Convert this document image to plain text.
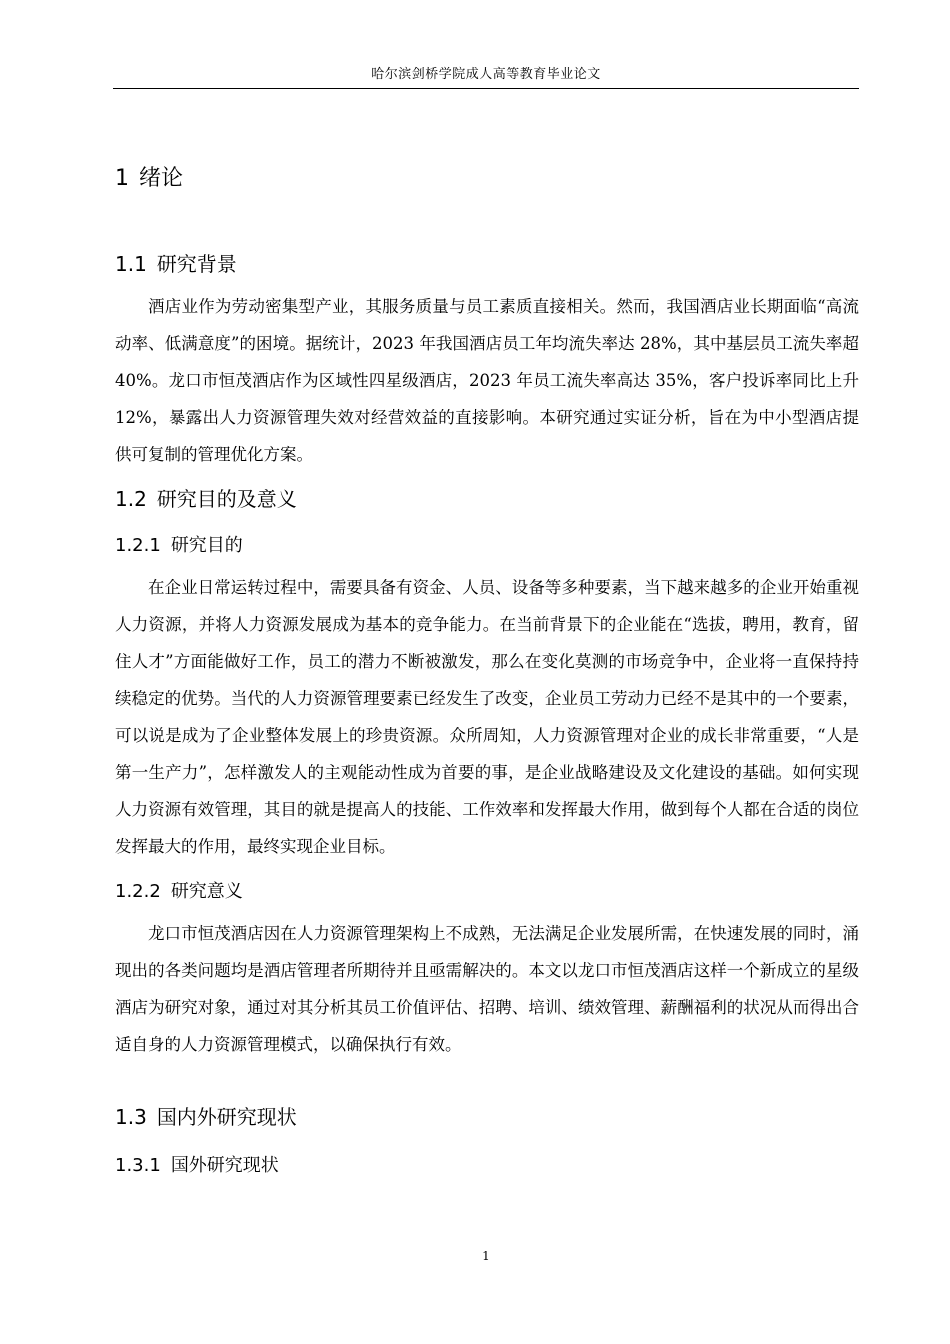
哈尔滨剑桥学院成人高等教育毕业论文
1 绪论
1.1 研究背景

酒店业作为劳动密集型产业，其服务质量与员工素质直接相关。然而，我国酒店业长期面临“高流动率、低满意度”的困境。据统计，2023 年我国酒店员工年均流失率达 28%，其中基层员工流失率超 40%。龙口市恒茂酒店作为区域性四星级酒店，2023 年员工流失率高达 35%，客户投诉率同比上升 12%，暴露出人力资源管理失效对经营效益的直接影响。本研究通过实证分析，旨在为中小型酒店提供可复制的管理优化方案。

1.2 研究目的及意义
1.2.1 研究目的

在企业日常运转过程中，需要具备有资金、人员、设备等多种要素，当下越来越多的企业开始重视人力资源，并将人力资源发展成为基本的竞争能力。在当前背景下的企业能在“选拔，聘用，教育，留住人才”方面能做好工作，员工的潜力不断被激发，那么在变化莫测的市场竞争中，企业将一直保持持续稳定的优势。当代的人力资源管理要素已经发生了改变，企业员工劳动力已经不是其中的一个要素，可以说是成为了企业整体发展上的珍贵资源。众所周知，人力资源管理对企业的成长非常重要，“人是第一生产力”，怎样激发人的主观能动性成为首要的事，是企业战略建设及文化建设的基础。如何实现人力资源有效管理，其目的就是提高人的技能、工作效率和发挥最大作用，做到每个人都在合适的岗位发挥最大的作用，最终实现企业目标。

1.2.2 研究意义

龙口市恒茂酒店因在人力资源管理架构上不成熟，无法满足企业发展所需，在快速发展的同时，涌现出的各类问题均是酒店管理者所期待并且亟需解决的。本文以龙口市恒茂酒店这样一个新成立的星级酒店为研究对象，通过对其分析其员工价值评估、招聘、培训、绩效管理、薪酬福利的状况从而得出合适自身的人力资源管理模式，以确保执行有效。

1.3 国内外研究现状
1.3.1 国外研究现状
1
